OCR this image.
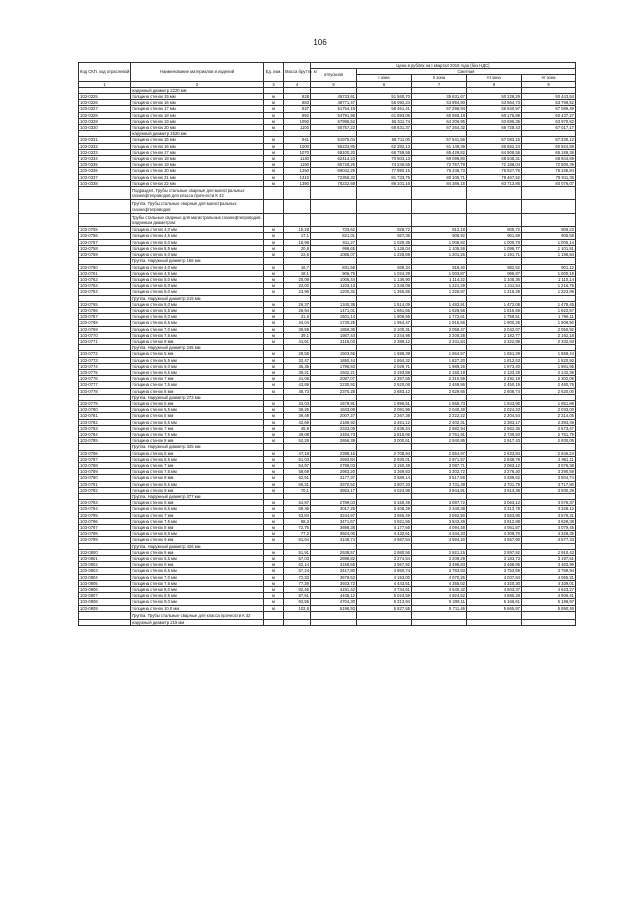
106
Код СКП, код отраслевой	Наименование материалов и изделий	Ед. изм.	Масса брутто, кг	Цена в рублях на I квартал 2016 года (без НДС)				
				отпускная	Сметная			
					I зона	II зона	III зона	IV зона
1	2	3	4	5	6	7	8	9
	наружный диаметр 2220 мм							
103-0325	толщина стенок 15 мм	м	828	45733,61	51 560,70	35 631,67	50 228,29	50 443,54
103-0326	толщина стенок 16 мм	м	883	48771,47	55 092,24	53 994,90	53 564,73	53 798,52
103-0327	толщина стенок 17 мм	м	937	51754,16	58 461,41	57 296,94	56 840,97	57 089,49
103-0328	толщина стенок 18 мм	м	992	54791,98	61 893,06	60 660,18	60 176,89	60 437,27
103-0329	толщина стенок 19 мм	м	1050	57995,52	65 511,74	64 206,95	63 695,35	63 970,82
103-0330	толщина стенок 20 мм	м	1100	60757,22	68 631,37	67 264,32	66 728,43	67 017,17
	наружный диаметр 2520 мм							
103-0331	толщина стенок 15 мм	м	941	51975,04	58 711,00	57 541,56	57 083,15	57 330,12
103-0332	толщина стенок 16 мм	м	1000	55233,85	62 392,13	61 149,39	60 662,24	60 924,59
103-0333	толщина стенок 17 мм	м	1070	59100,20	66 759,58	65 429,82	64 908,55	65 189,38
103-0334	толщина стенок 18 мм	м	1130	62414,23	70 503,13	69 098,80	68 548,31	68 844,89
103-0335	толщина стенок 19 мм	м	1190	65728,26	74 246,65	72 767,79	72 188,04	72 500,39
103-0336	толщина стенок 20 мм	м	1250	69042,29	77 990,15	76 436,73	75 827,76	76 155,84
103-0337	толщина стенок 21 мм	м	1310	72356,32	81 733,75	80 105,71	79 467,52	79 811,35
103-0338	толщина стенок 22 мм	м	1380	76222,69	86 101,16	84 386,15	83 713,86	84 076,07
	Подраздел. Трубы стальные сварные для магистральных газонефтепроводов для класса прочности К 42							
	Группа. Трубы стальные сварные для магистральных газонефтепроводов							
	Трубы стальные сварные для магистральных газонефтепроводов наружным диаметром:							
103-0755	толщина стенок 4,0 мм	м	15,28	733,62	828,72	812,18	805,72	809,23
103-0756	толщина стенок 4,5 мм	м	17,1	821,01	927,38	908,92	901,69	905,58
103-0757	толщина стенок 5,0 мм	м	18,98	911,27	1 029,35	1 008,82	1 000,78	1 005,14
103-0758	толщина стенок 5,5 мм	м	20,8	998,65	1 128,04	1 105,59	1 096,77	1 101,51
103-0759	толщина стенок 6,0 мм	м	22,6	1085,07	1 225,69	1 201,26	1 191,71	1 196,84
	Группа. Наружный диаметр 168 мм							
103-0760	толщина стенок 4,0 мм	м	16,7	831,56	939,34	918,40	882,52	901,12
103-0761	толщина стенок 4,5 мм	м	18,1	906,75	1 024,29	1 003,87	995,87	1 000,19
103-0762	толщина стенок 5,0 мм	м	20,09	1006,44	1 136,90	1 114,22	1 105,36	1 110,14
103-0763	толщина стенок 6,0 мм	м	22,02	1103,13	1 246,08	1 221,29	1 211,54	1 216,76
103-0764	толщина стенок 8,0 мм	м	23,96	1200,32	1 355,88	1 328,87	1 318,29	1 323,99
	Группа. Наружный диаметр 219 мм							
103-0765	толщина стенок 5,0 мм	м	26,37	1340,38	1 514,09	1 483,91	1 472,08	1 478,45
103-0766	толщина стенок 5,5 мм	м	28,94	1471,01	1 661,65	1 628,56	1 615,59	1 622,57
103-0767	толщина стенок 6,0 мм	м	31,5	1601,14	1 808,65	1 772,61	1 758,51	1 766,11
103-0768	толщина стенок 6,5 мм	м	34,04	1730,25	1 954,47	1 915,56	1 900,25	1 908,50
103-0769	толщина стенок 7,0 мм	м	36,58	1859,35	2 100,31	2 058,47	2 042,07	2 050,92
103-0770	толщина стенок 7,5 мм	м	39,1	1987,44	2 244,98	2 200,28	2 182,77	2 192,18
103-0771	толщина стенок 8 мм	м	41,61	2115,03	2 389,12	2 341,54	2 322,89	2 332,93
	Группа. Наружный диаметр 245 мм							
103-0772	толщина стенок 5 мм	м	29,58	1503,55	1 698,39	1 664,57	1 651,29	1 658,44
103-0773	толщина стенок 5,5 мм	м	32,47	1650,44	1 864,32	1 827,20	1 812,63	1 820,50
103-0774	толщина стенок 6,0 мм	м	35,35	1796,83	2 029,71	1 989,26	1 973,40	1 981,95
103-0775	толщина стенок 6,5 мм	м	38,21	1942,21	2 193,88	2 150,19	2 133,29	2 142,38
103-0776	толщина стенок 7 мм	м	41,06	2087,07	2 357,55	2 310,59	2 292,19	2 302,09
103-0777	толщина стенок 7,5 мм	м	43,89	2230,92	2 520,06	2 469,86	2 450,19	2 460,76
103-0778	толщина стенок 8 мм	м	46,73	2375,28	2 683,12	2 629,66	2 608,74	2 620,00
	Группа. Наружный диаметр 273 мм							
103-0779	толщина стенок 5 мм	м	33,03	1678,91	1 896,51	1 858,73	1 843,90	1 851,88
103-0780	толщина стенок 5,5 мм	м	36,26	1843,09	2 081,96	2 040,49	2 024,23	2 033,00
103-0781	толщина стенок 6 мм	м	39,49	2007,27	2 267,38	2 222,22	2 204,54	2 214,05
103-0782	толщина стенок 6,5 мм	м	42,69	2169,92	2 451,12	2 402,31	2 383,17	2 393,49
103-0783	толщина стенок 7 мм	м	45,9	2333,09	2 635,44	2 582,94	2 562,36	2 573,47
103-0784	толщина стенок 7,5 мм	м	49,08	2494,73	2 818,06	2 761,91	2 739,93	2 751,79
103-0785	толщина стенок 8 мм	м	52,28	2656,39	3 000,61	2 940,85	2 917,43	2 930,05
	Группа. Наружный диаметр 325 мм							
103-0786	толщина стенок 6 мм	м	47,18	2398,15	2 708,94	2 654,97	2 633,84	2 645,24
103-0787	толщина стенок 6,5 мм	м	51,03	2593,84	2 930,01	2 871,57	2 848,79	2 861,11
103-0788	толщина стенок 7 мм	м	54,87	2789,03	3 150,49	3 087,71	3 063,12	3 076,38
103-0789	толщина стенок 7,5 мм	м	58,69	2983,20	3 369,83	3 302,72	3 276,40	3 290,59
103-0790	толщина стенок 8 мм	м	62,51	3177,37	3 589,14	3 517,66	3 489,62	3 504,74
103-0791	толщина стенок 8,5 мм	м	66,31	3370,52	3 807,33	3 731,49	3 701,79	3 717,80
103-0792	толщина стенок 9 мм	м	70,1	3563,17	4 024,98	3 944,81	3 913,38	3 930,29
	Группа. Наружный диаметр 377 мм							
103-0793	толщина стенок 6 мм	м	54,87	2789,03	3 150,49	3 087,72	3 063,12	3 076,37
103-0794	толщина стенок 6,5 мм	м	59,36	3017,26	3 408,29	3 340,38	3 313,78	3 328,12
103-0795	толщина стенок 7 мм	м	63,84	3244,97	3 665,49	3 592,50	3 563,86	3 579,31
103-0796	толщина стенок 7,5 мм	м	68,3	3471,67	3 921,56	3 843,49	3 812,88	3 829,38
103-0797	толщина стенок 8 мм	м	72,76	3698,38	4 177,66	4 094,48	4 061,87	4 079,45
103-0798	толщина стенок 8,5 мм	м	77,2	3924,06	4 432,61	4 344,33	4 309,70	4 328,35
103-0799	толщина стенок 9 мм	м	81,64	4149,74	4 687,54	4 594,20	4 557,60	4 577,33
	Группа. Наружный диаметр 426 мм							
103-0800	толщина стенок 5 мм	м	51,91	2638,57	2 980,56	2 921,15	2 897,92	2 910,43
103-0801	толщина стенок 5,5 мм	м	57,03	2898,82	3 274,54	3 209,29	3 183,73	3 197,51
103-0802	толщина стенок 6 мм	м	62,14	3158,56	3 567,92	3 496,83	3 468,95	3 483,99
103-0803	толщина стенок 6,5 мм	м	67,24	3417,80	3 860,74	3 783,83	3 753,69	3 769,94
103-0804	толщина стенок 7,0 мм	м	72,33	3676,52	4 153,00	4 070,26	4 037,84	4 055,31
103-0805	толщина стенок 7,5 мм	м	77,39	3933,72	4 443,51	4 355,02	4 320,30	4 339,01
103-0806	толщина стенок 8,0 мм	м	82,46	4191,42	4 734,61	4 640,32	4 603,37	4 623,27
103-0807	толщина стенок 8,5 мм	м	87,51	4448,12	5 024,59	4 924,52	4 885,28	4 906,41
103-0808	толщина стенок 9,0 мм	м	92,55	4704,30	5 313,94	5 208,11	5 166,61	5 188,97
103-0809	толщина стенок 10,0 мм	м	102,6	5198,93	5 827,55	5 711,46	5 665,97	5 690,46
	Группа. Трубы стальные сварные для класса прочности К 42							
	наружный диаметр 219 мм							
